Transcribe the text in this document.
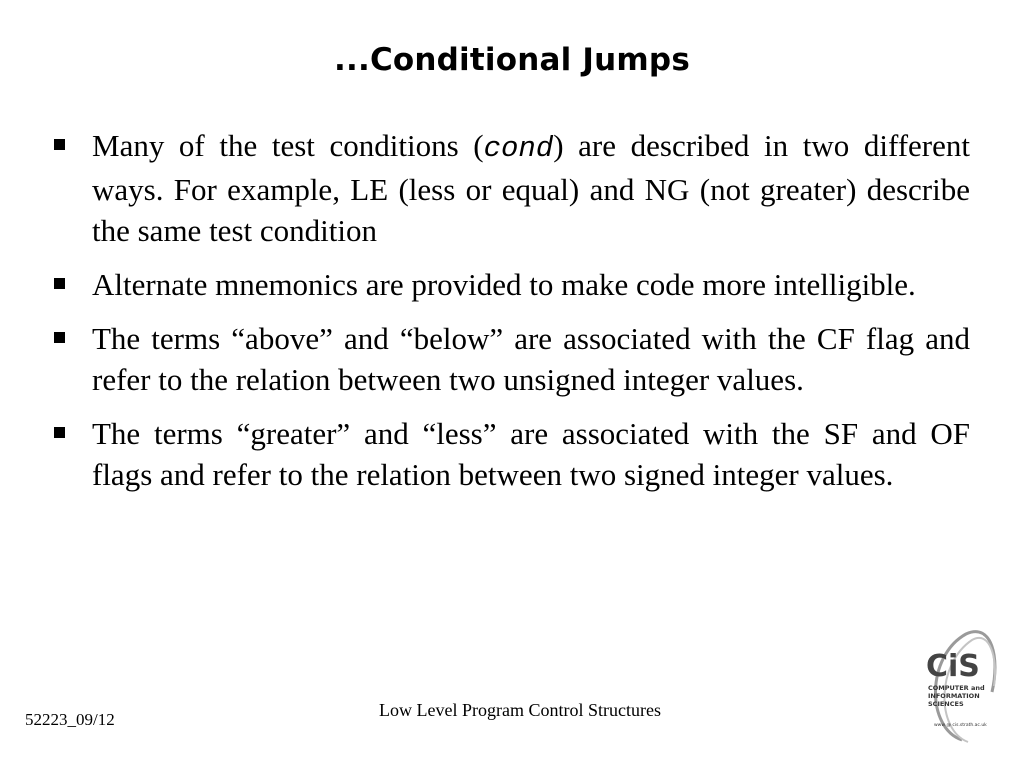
...Conditional Jumps
Many of the test conditions (cond) are described in two different ways. For example, LE (less or equal) and NG (not greater) describe the same test condition
Alternate mnemonics are provided to make code more intelligible.
The terms “above” and “below” are associated with the CF flag and refer to the relation between two unsigned integer values.
The terms “greater” and “less” are associated with the SF and OF flags and refer to the relation between two signed integer values.
Low Level Program Control Structures
52223_09/12
CiS
COMPUTER and
INFORMATION
SCIENCES
www @ cis.strath.ac.uk
